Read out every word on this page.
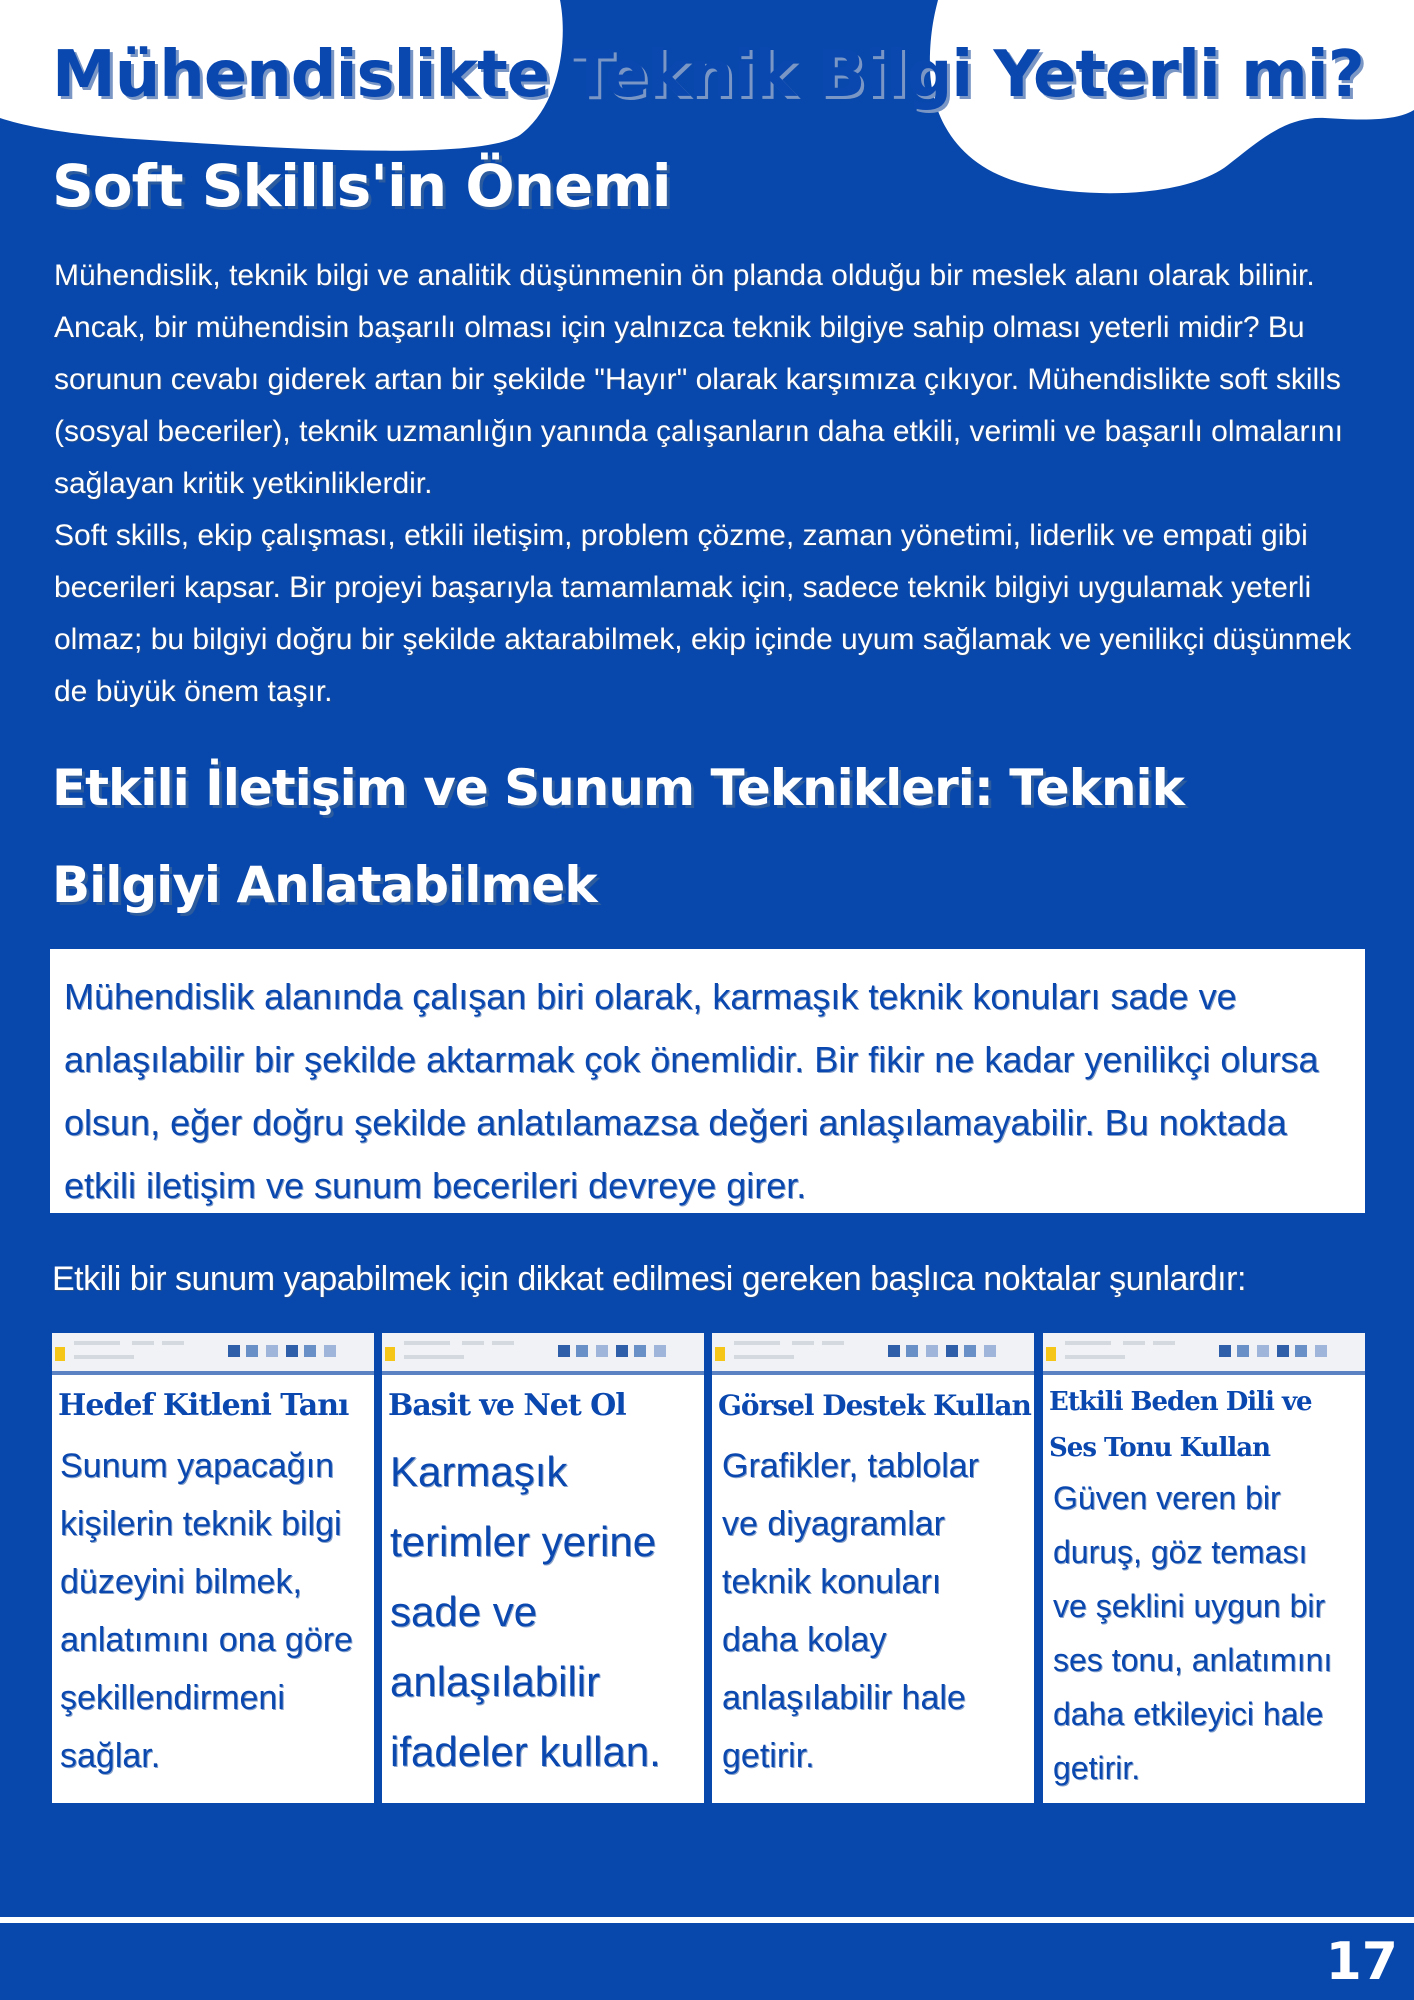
Mühendislikte Teknik Bilgi Yeterli mi?
Soft Skills'in Önemi

Mühendislik, teknik bilgi ve analitik düşünmenin ön planda olduğu bir meslek alanı olarak bilinir. Ancak, bir mühendisin başarılı olması için yalnızca teknik bilgiye sahip olması yeterli midir? Bu sorunun cevabı giderek artan bir şekilde "Hayır" olarak karşımıza çıkıyor. Mühendislikte soft skills (sosyal beceriler), teknik uzmanlığın yanında çalışanların daha etkili, verimli ve başarılı olmalarını sağlayan kritik yetkinliklerdir.

Soft skills, ekip çalışması, etkili iletişim, problem çözme, zaman yönetimi, liderlik ve empati gibi becerileri kapsar. Bir projeyi başarıyla tamamlamak için, sadece teknik bilgiyi uygulamak yeterli olmaz; bu bilgiyi doğru bir şekilde aktarabilmek, ekip içinde uyum sağlamak ve yenilikçi düşünmek de büyük önem taşır.

Etkili İletişim ve Sunum Teknikleri: Teknik Bilgiyi Anlatabilmek

Mühendislik alanında çalışan biri olarak, karmaşık teknik konuları sade ve anlaşılabilir bir şekilde aktarmak çok önemlidir. Bir fikir ne kadar yenilikçi olursa olsun, eğer doğru şekilde anlatılamazsa değeri anlaşılamayabilir. Bu noktada etkili iletişim ve sunum becerileri devreye girer.

Etkili bir sunum yapabilmek için dikkat edilmesi gereken başlıca noktalar şunlardır:
Hedef Kitleni Tanı
Sunum yapacağın kişilerin teknik bilgi düzeyini bilmek, anlatımını ona göre şekillendirmeni sağlar.
Basit ve Net Ol
Karmaşık terimler yerine sade ve anlaşılabilir ifadeler kullan.
Görsel Destek Kullan
Grafikler, tablolar ve diyagramlar teknik konuları daha kolay anlaşılabilir hale getirir.
Etkili Beden Dili ve Ses Tonu Kullan
Güven veren bir duruş, göz teması ve şeklini uygun bir ses tonu, anlatımını daha etkileyici hale getirir.
17
